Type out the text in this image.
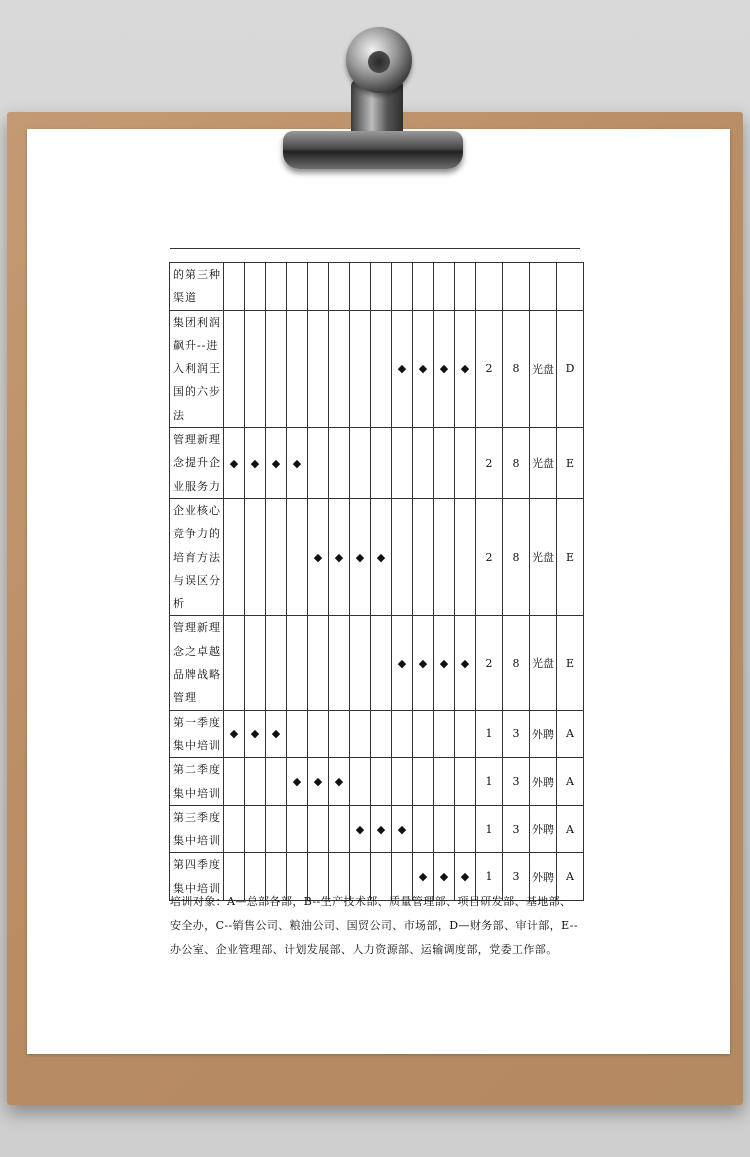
的第三种
渠道																

集团利润
飙升--进
入利润王
国的六步
法									◆	◆	◆	◆	2	8	光盘	D

管理新理
念提升企
业服务力	◆	◆	◆	◆									2	8	光盘	E

企业核心
竞争力的
培育方法
与误区分
析					◆	◆	◆	◆					2	8	光盘	E

管理新理
念之卓越
品牌战略
管理									◆	◆	◆	◆	2	8	光盘	E

第一季度
集中培训	◆	◆	◆										1	3	外聘	A

第二季度
集中培训				◆	◆	◆							1	3	外聘	A

第三季度
集中培训							◆	◆	◆				1	3	外聘	A

第四季度
集中培训										◆	◆	◆	1	3	外聘	A
培训对象：A—总部各部，B--生产技术部、质量管理部、项目研发部、基地部、
安全办，C--销售公司、粮油公司、国贸公司、市场部，D—财务部、审计部，E--
办公室、企业管理部、计划发展部、人力资源部、运输调度部，党委工作部。
